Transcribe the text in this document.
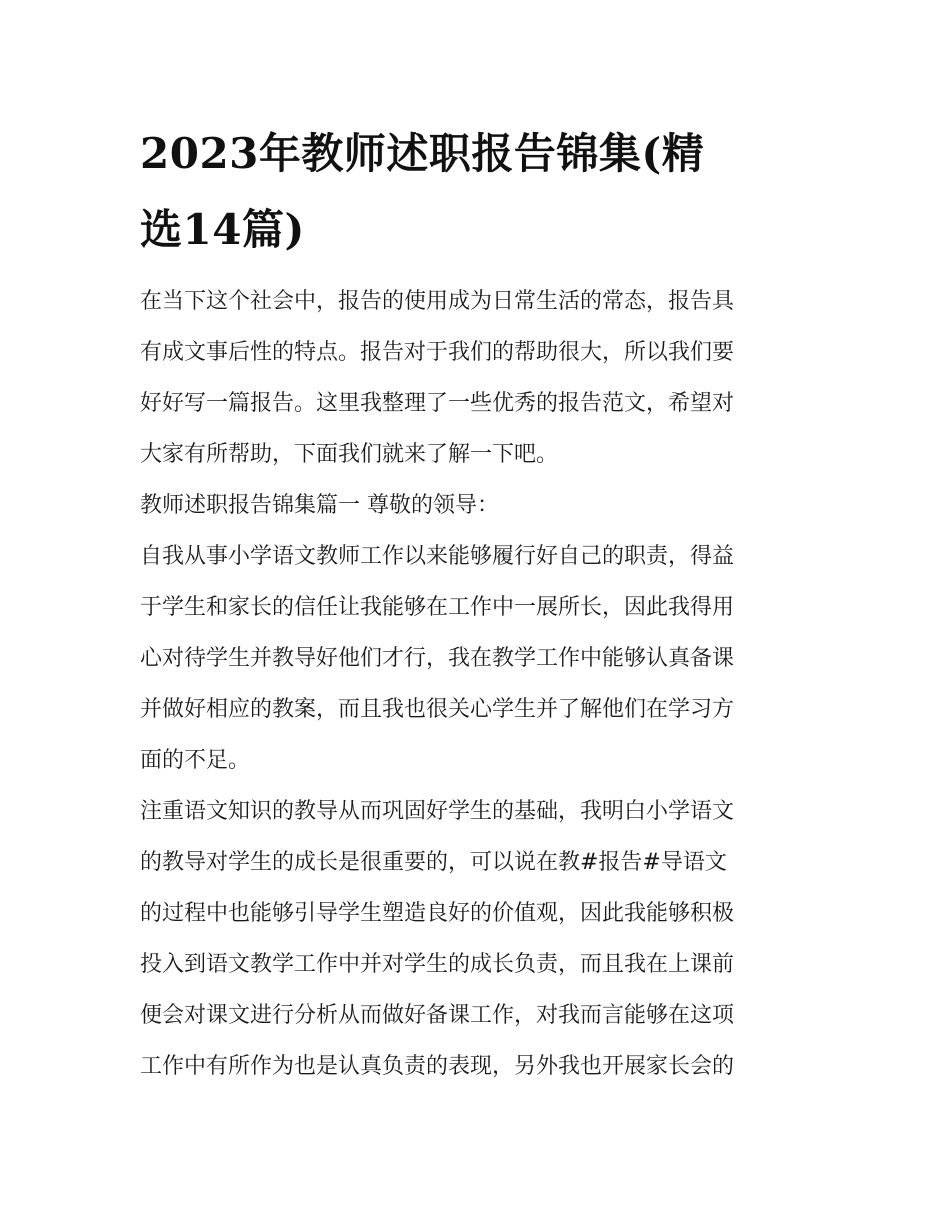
2023年教师述职报告锦集(精
选14篇)
在当下这个社会中，报告的使用成为日常生活的常态，报告具
有成文事后性的特点。报告对于我们的帮助很大，所以我们要
好好写一篇报告。这里我整理了一些优秀的报告范文，希望对
大家有所帮助，下面我们就来了解一下吧。
教师述职报告锦集篇一 尊敬的领导：
自我从事小学语文教师工作以来能够履行好自己的职责，得益
于学生和家长的信任让我能够在工作中一展所长，因此我得用
心对待学生并教导好他们才行，我在教学工作中能够认真备课
并做好相应的教案，而且我也很关心学生并了解他们在学习方
面的不足。
注重语文知识的教导从而巩固好学生的基础，我明白小学语文
的教导对学生的成长是很重要的，可以说在教#报告#导语文
的过程中也能够引导学生塑造良好的价值观，因此我能够积极
投入到语文教学工作中并对学生的成长负责，而且我在上课前
便会对课文进行分析从而做好备课工作，对我而言能够在这项
工作中有所作为也是认真负责的表现，另外我也开展家长会的
